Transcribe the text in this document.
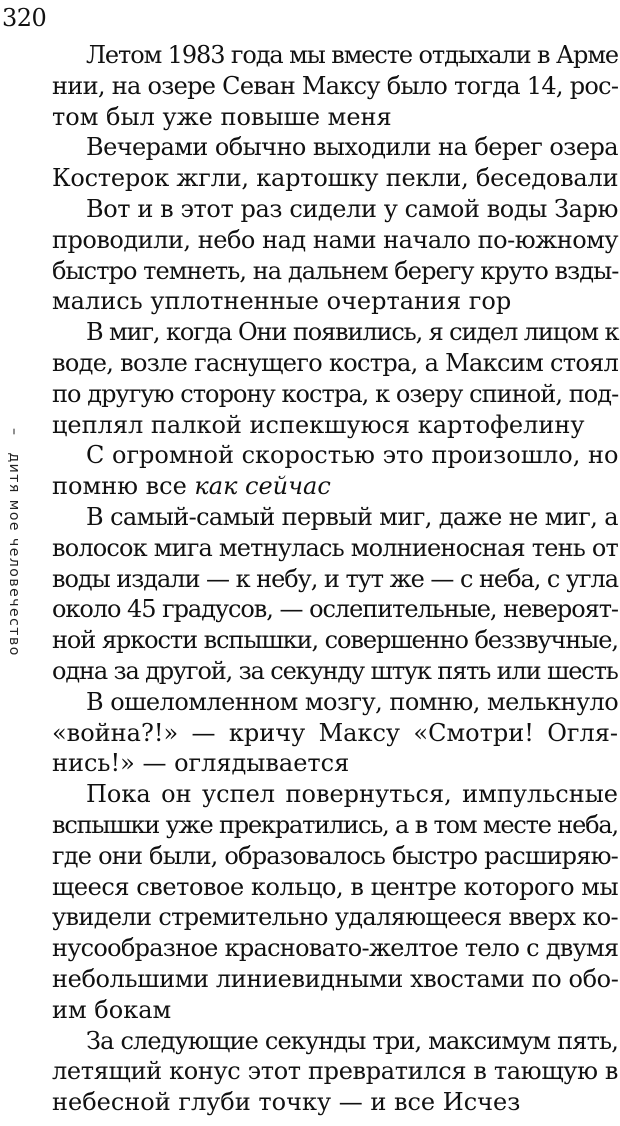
320
– дитя мое человечество

Летом 1983 года мы вместе отдыхали в Арме
нии, на озере Севан Максу было тогда 14, рос-
том был уже повыше меня

Вечерами обычно выходили на берег озера
Костерок жгли, картошку пекли, беседовали

Вот и в этот раз сидели у самой воды Зарю
проводили, небо над нами начало по-южному
быстро темнеть, на дальнем берегу круто взды-
мались уплотненные очертания гор

В миг, когда Они появились, я сидел лицом к
воде, возле гаснущего костра, а Максим стоял
по другую сторону костра, к озеру спиной, под-
цеплял палкой испекшуюся картофелину

С огромной скоростью это произошло, но
помню все как сейчас

В самый-самый первый миг, даже не миг, а
волосок мига метнулась молниеносная тень от
воды издали — к небу, и тут же — с неба, с угла
около 45 градусов, — ослепительные, невероят-
ной яркости вспышки, совершенно беззвучные,
одна за другой, за секунду штук пять или шесть

В ошеломленном мозгу, помню, мелькнуло
«война?!» — кричу Максу «Смотри! Огля-
нись!» — оглядывается

Пока он успел повернуться, импульсные
вспышки уже прекратились, а в том месте неба,
где они были, образовалось быстро расширяю-
щееся световое кольцо, в центре которого мы
увидели стремительно удаляющееся вверх ко-
нусообразное красновато-желтое тело с двумя
небольшими линиевидными хвостами по обо-
им бокам

За следующие секунды три, максимум пять,
летящий конус этот превратился в тающую в
небесной глуби точку — и все Исчез
